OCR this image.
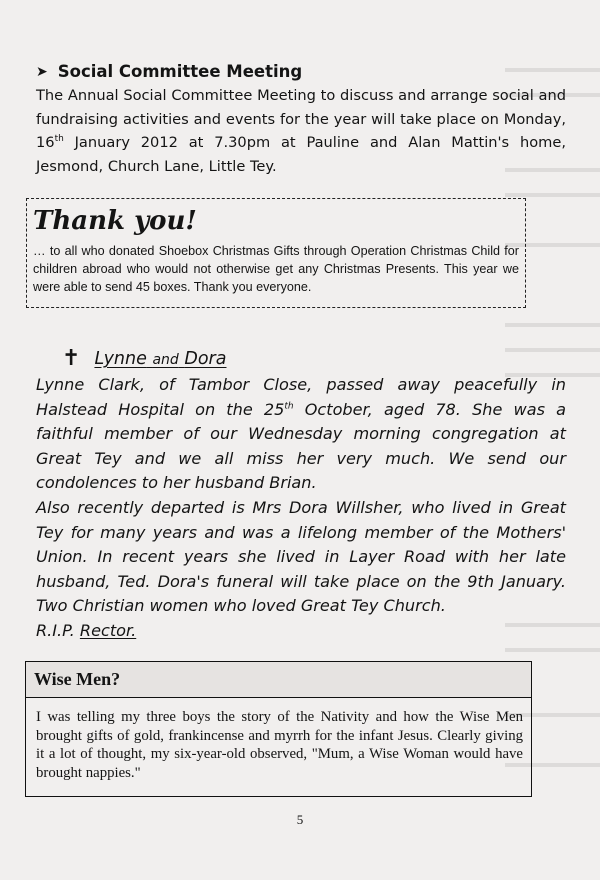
➤ Social Committee Meeting
The Annual Social Committee Meeting to discuss and arrange social and fundraising activities and events for the year will take place on Monday, 16th January 2012 at 7.30pm at Pauline and Alan Mattin's home, Jesmond, Church Lane, Little Tey.
Thank you!
… to all who donated Shoebox Christmas Gifts through Operation Christmas Child for children abroad who would not otherwise get any Christmas Presents. This year we were able to send 45 boxes. Thank you everyone.
✝ Lynne and Dora

Lynne Clark, of Tambor Close, passed away peacefully in Halstead Hospital on the 25th October, aged 78. She was a faithful member of our Wednesday morning congregation at Great Tey and we all miss her very much. We send our condolences to her husband Brian.

Also recently departed is Mrs Dora Willsher, who lived in Great Tey for many years and was a lifelong member of the Mothers' Union. In recent years she lived in Layer Road with her late husband, Ted. Dora's funeral will take place on the 9th January. Two Christian women who loved Great Tey Church.

R.I.P. Rector.

Wise Men?
I was telling my three boys the story of the Nativity and how the Wise Men brought gifts of gold, frankincense and myrrh for the infant Jesus. Clearly giving it a lot of thought, my six-year-old observed, "Mum, a Wise Woman would have brought nappies."
5
